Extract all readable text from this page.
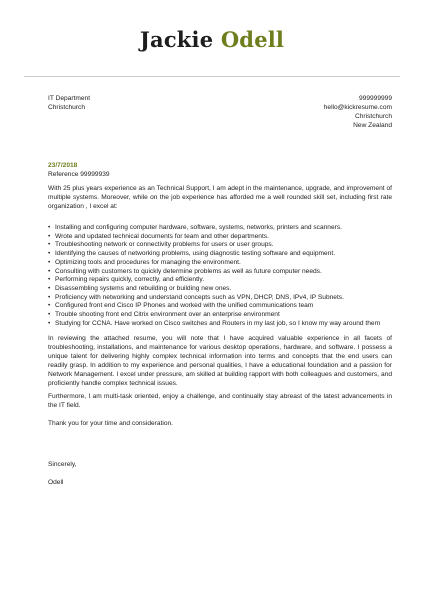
Jackie Odell
IT Department
Christchurch
999999999
hello@kickresume.com
Christchurch
New Zealand
23/7/2018
Reference 99999939

With 25 plus years experience as an Technical Support, I am adept in the maintenance, upgrade, and improvement of multiple systems. Moreover, while on the job experience has afforded me a well rounded skill set, including first rate organization , I excel at:

• Installing and configuring computer hardware, software, systems, networks, printers and scanners.
• Wrote and updated technical documents for team and other departments.
• Troubleshooting network or connectivity problems for users or user groups.
• Identifying the causes of networking problems, using diagnostic testing software and equipment.
• Optimizing tools and procedures for managing the environment.
• Consulting with customers to quickly determine problems as well as future computer needs.
• Performing repairs quickly, correctly, and efficiently.
• Disassembling systems and rebuilding or building new ones.
• Proficiency with networking and understand concepts such as VPN, DHCP, DNS, IPv4, IP Subnets.
• Configured front end Cisco IP Phones and worked with the unified communications team
• Trouble shooting front end Citrix environment over an enterprise environment
• Studying for CCNA. Have worked on Cisco switches and Routers in my last job, so I know my way around them

In reviewing the attached resume, you will note that I have acquired valuable experience in all facets of troubleshooting, installations, and maintenance for various desktop operations, hardware, and software. I possess a unique talent for delivering highly complex technical information into terms and concepts that the end users can readily grasp. In addition to my experience and personal qualities, I have a educational foundation and a passion for Network Management. I excel under pressure, am skilled at building rapport with both colleagues and customers, and proficiently handle complex technical issues.

Furthermore, I am multi-task oriented, enjoy a challenge, and continually stay abreast of the latest advancements in the IT field.

Thank you for your time and consideration.

Sincerely,
Odell
